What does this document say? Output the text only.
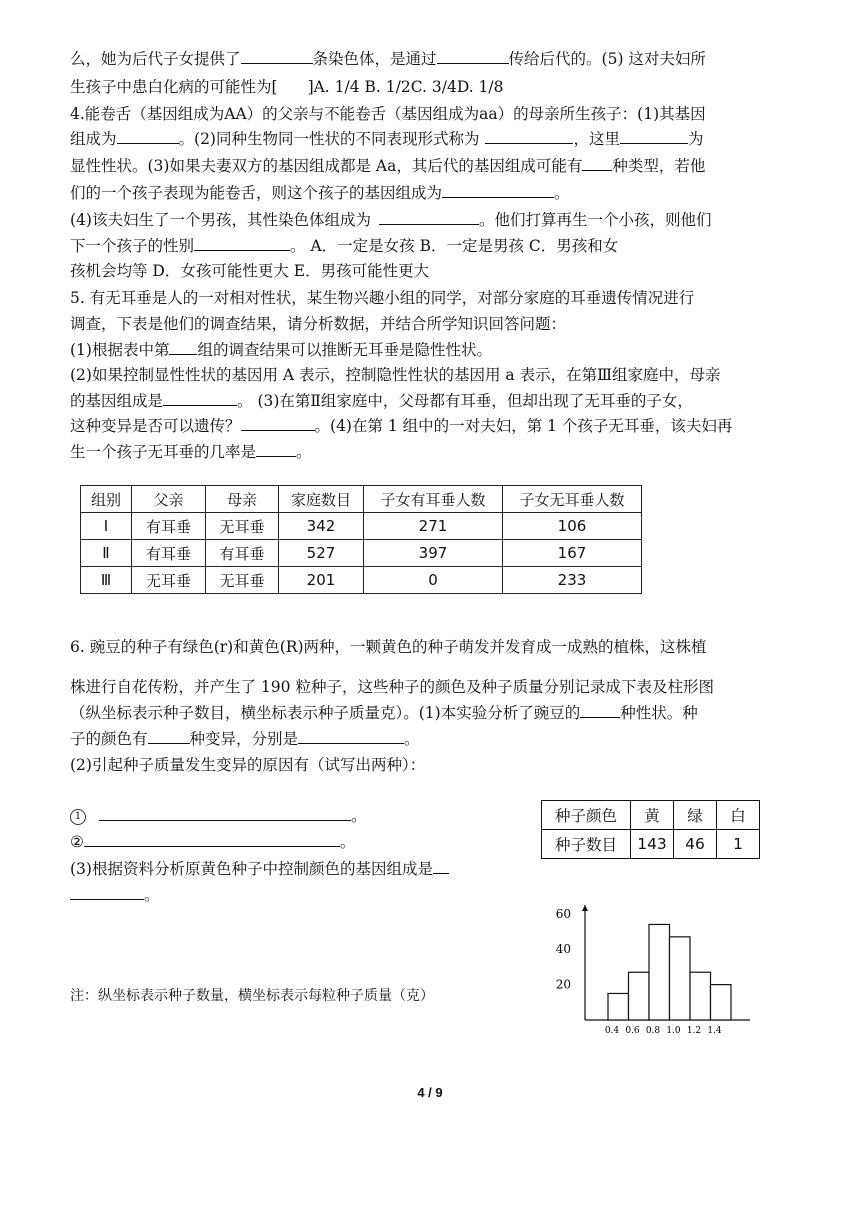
么，她为后代子女提供了	条染色体，是通过	传给后代的。(5) 这对夫妇所
生孩子中患白化病的可能性为[ ]A. 1/4 B. 1/2C. 3/4D. 1/8
4.能卷舌（基因组成为AA）的父亲与不能卷舌（基因组成为aa）的母亲所生孩子：(1)其基因
组成为	。(2)同种生物同一性状的不同表现形式称为	，这里	为
显性性状。(3)如果夫妻双方的基因组成都是 Aa，其后代的基因组成可能有 种类型，若他
们的一个孩子表现为能卷舌，则这个孩子的基因组成为	。
(4)该夫妇生了一个男孩，其性染色体组成为	。他们打算再生一个小孩，则他们
下一个孩子的性别	。 A．一定是女孩 B．一定是男孩 C．男孩和女
孩机会均等 D．女孩可能性更大 E．男孩可能性更大
5. 有无耳垂是人的一对相对性状，某生物兴趣小组的同学，对部分家庭的耳垂遗传情况进行
调查，下表是他们的调查结果，请分析数据，并结合所学知识回答问题：
(1)根据表中第 组的调查结果可以推断无耳垂是隐性性状。
(2)如果控制显性性状的基因用 A 表示，控制隐性性状的基因用 a 表示，在第Ⅲ组家庭中，母亲
的基因组成是	。 (3)在第Ⅱ组家庭中，父母都有耳垂，但却出现了无耳垂的子女，
这种变异是否可以遗传？	。(4)在第 1 组中的一对夫妇，第 1 个孩子无耳垂，该夫妇再
生一个孩子无耳垂的几率是	。
组别	父亲	母亲	家庭数目	子女有耳垂人数	子女无耳垂人数
Ⅰ	有耳垂	无耳垂	342	271	106
Ⅱ	有耳垂	有耳垂	527	397	167
Ⅲ	无耳垂	无耳垂	201	0	233
6. 豌豆的种子有绿色(r)和黄色(R)两种，一颗黄色的种子萌发并发育成一成熟的植株，这株植
株进行自花传粉，并产生了 190 粒种子，这些种子的颜色及种子质量分别记录成下表及柱形图
（纵坐标表示种子数目，横坐标表示种子质量克）。(1)本实验分析了豌豆的	种性状。种
子的颜色有	种变异，分别是	。
(2)引起种子质量发生变异的原因有（试写出两种）：
1	。
②	。
(3)根据资料分析原黄色种子中控制颜色的基因组成是
。
种子颜色	黄	绿	白
种子数目	143	46	1
注：纵坐标表示种子数量，横坐标表示每粒种子质量（克）
20
40
60
0.4 0.6 0.8 1.0 1.2 1.4
4 / 9
